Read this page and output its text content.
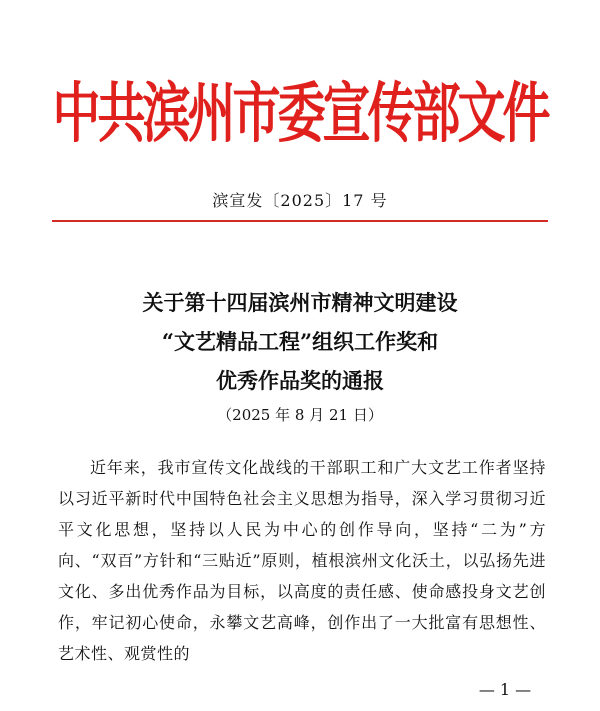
中共滨州市委宣传部文件
滨宣发〔2025〕17 号
关于第十四届滨州市精神文明建设
“文艺精品工程”组织工作奖和
优秀作品奖的通报
（2025 年 8 月 21 日）
近年来，我市宣传文化战线的干部职工和广大文艺工作者坚持以习近平新时代中国特色社会主义思想为指导，深入学习贯彻习近平文化思想，坚持以人民为中心的创作导向，坚持“二为”方向、“双百”方针和“三贴近”原则，植根滨州文化沃土，以弘扬先进文化、多出优秀作品为目标，以高度的责任感、使命感投身文艺创作，牢记初心使命，永攀文艺高峰，创作出了一大批富有思想性、艺术性、观赏性的
— 1 —
